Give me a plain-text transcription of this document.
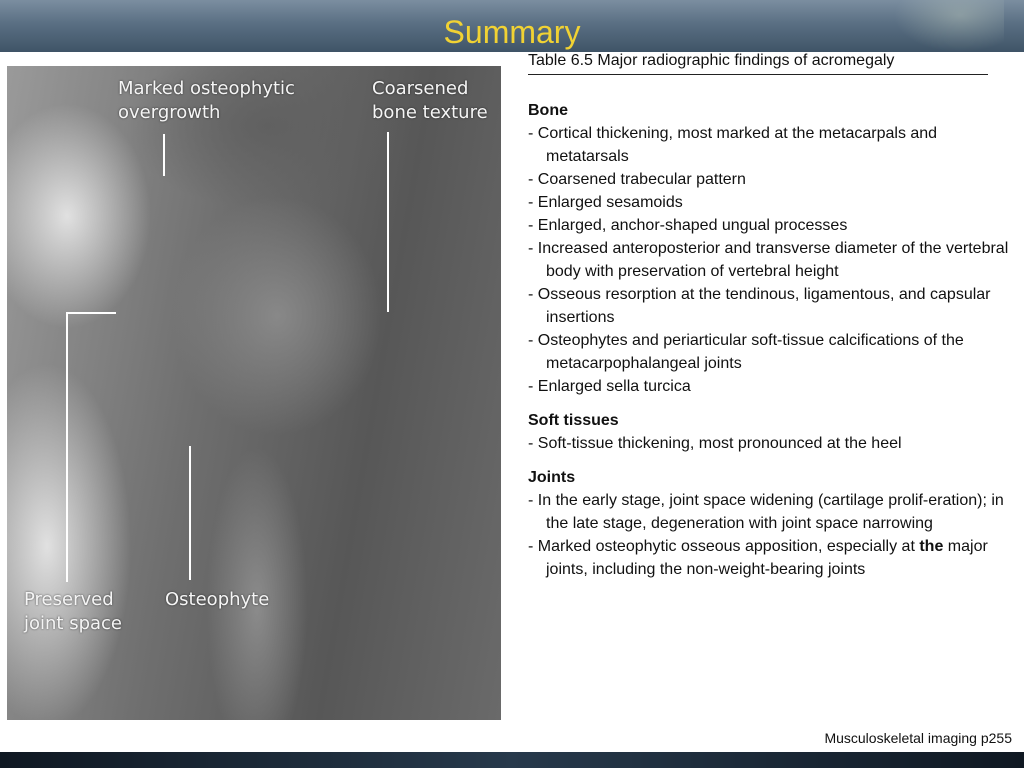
Summary
Marked osteophytic
overgrowth
Coarsened
bone texture
Preserved
joint space
Osteophyte
Table 6.5 Major radiographic findings of acromegaly
Bone
- Cortical thickening, most marked at the metacarpals and metatarsals
- Coarsened trabecular pattern
- Enlarged sesamoids
- Enlarged, anchor-shaped ungual processes
- Increased anteroposterior and transverse diameter of the vertebral body with preservation of vertebral height
- Osseous resorption at the tendinous, ligamentous, and capsular insertions
- Osteophytes and periarticular soft-tissue calcifications of the metacarpophalangeal joints
- Enlarged sella turcica
Soft tissues
- Soft-tissue thickening, most pronounced at the heel
Joints
- In the early stage, joint space widening (cartilage prolif-eration); in the late stage, degeneration with joint space narrowing
- Marked osteophytic osseous apposition, especially at the major joints, including the non-weight-bearing joints
Musculoskeletal imaging p255
